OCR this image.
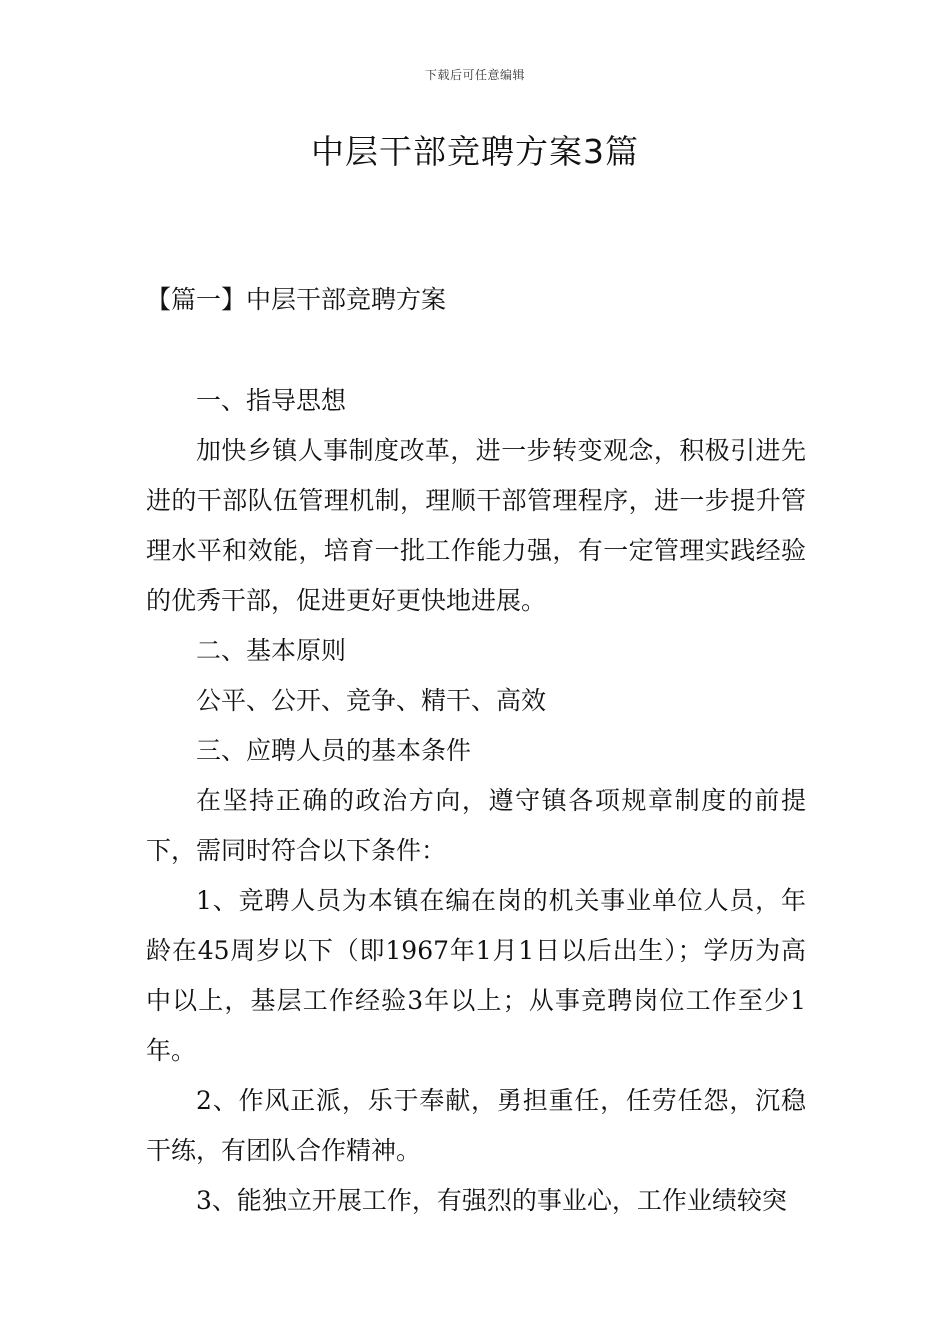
下载后可任意编辑
中层干部竞聘方案3篇
【篇一】中层干部竞聘方案

一、指导思想

加快乡镇人事制度改革，进一步转变观念，积极引进先进的干部队伍管理机制，理顺干部管理程序，进一步提升管理水平和效能，培育一批工作能力强，有一定管理实践经验的优秀干部，促进更好更快地进展。

二、基本原则

公平、公开、竞争、精干、高效

三、应聘人员的基本条件

在坚持正确的政治方向，遵守镇各项规章制度的前提下，需同时符合以下条件：

1、竞聘人员为本镇在编在岗的机关事业单位人员，年龄在45周岁以下（即1967年1月1日以后出生）；学历为高中以上，基层工作经验3年以上；从事竞聘岗位工作至少1年。

2、作风正派，乐于奉献，勇担重任，任劳任怨，沉稳干练，有团队合作精神。

3、能独立开展工作，有强烈的事业心，工作业绩较突
